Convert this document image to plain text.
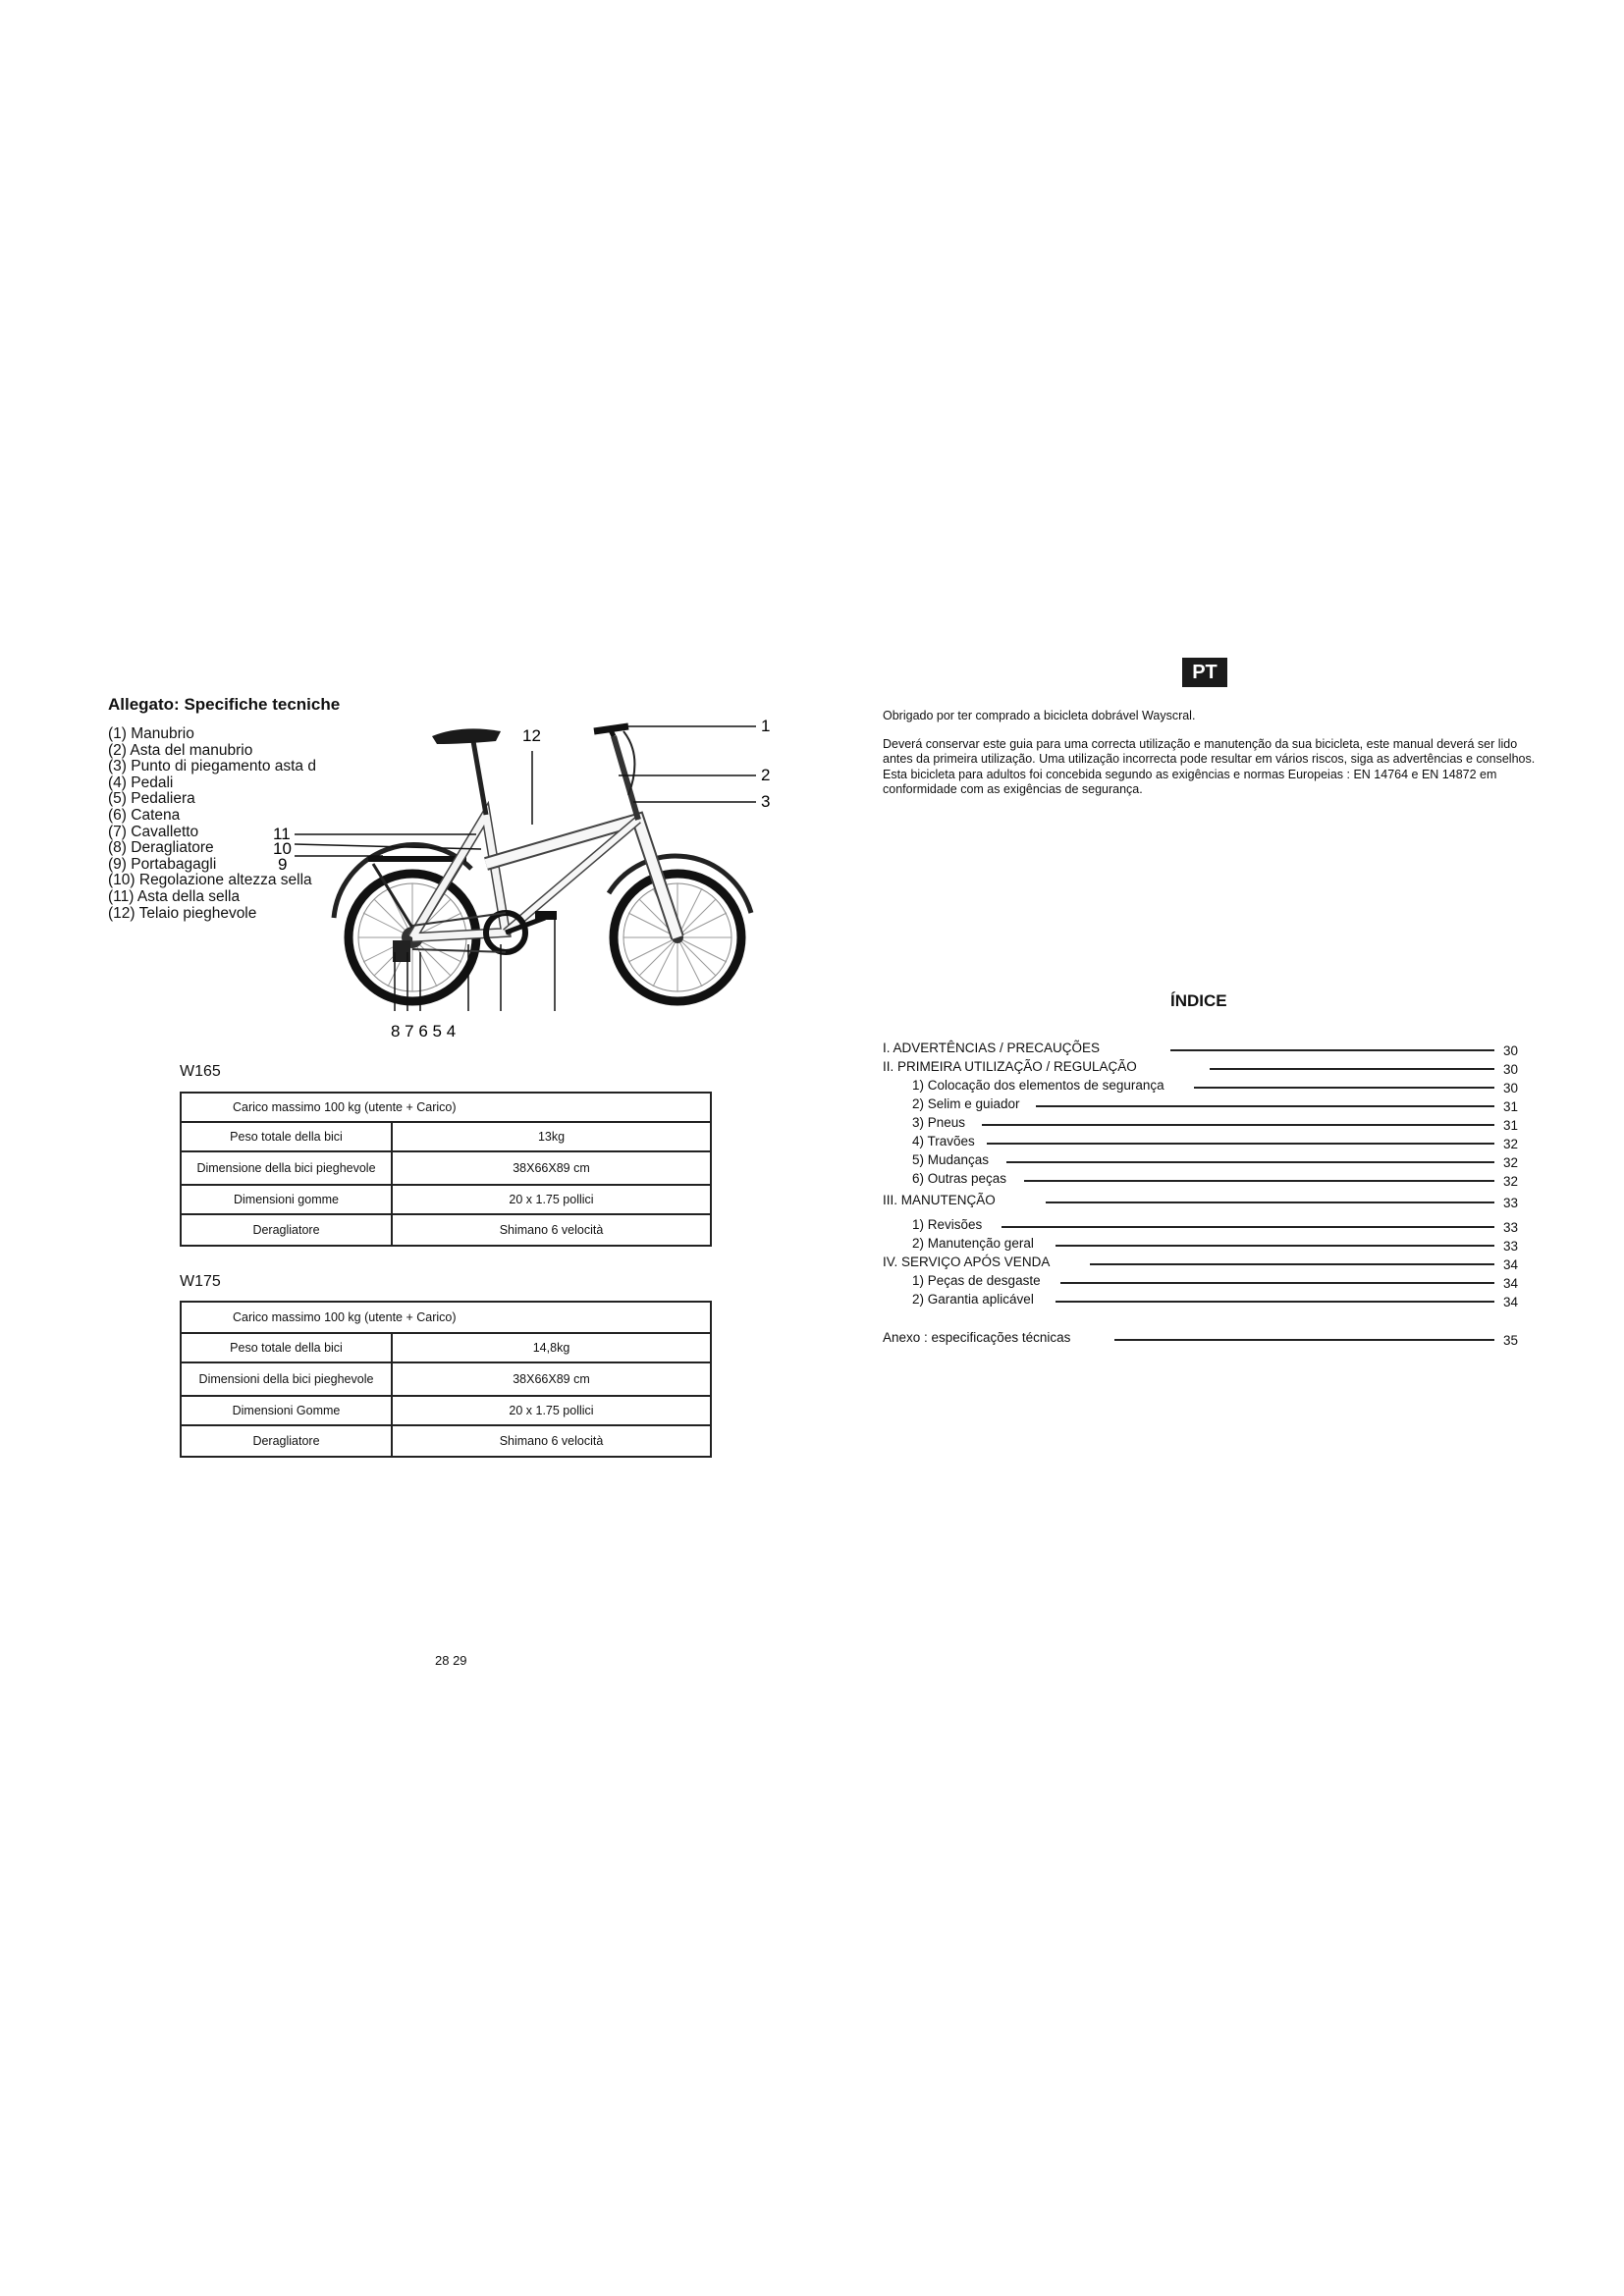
Allegato: Specifiche tecniche
(1) Manubrio
(2) Asta del manubrio
(3) Punto di piegamento asta d
(4) Pedali
(5) Pedaliera
(6) Catena
(7) Cavalletto
(8) Deragliatore
(9) Portabagagli
(10) Regolazione altezza sella
(11) Asta della sella
(12) Telaio pieghevole
1
2
3
12
11
10
9
8 7 6 5 4
W165
Carico massimo 100 kg (utente + Carico)	
Peso totale della bici	13kg
Dimensione della bici pieghevole	38X66X89 cm
Dimensioni gomme	20 x 1.75 pollici
Deragliatore	Shimano 6 velocità
W175
Carico massimo 100 kg (utente + Carico)	
Peso totale della bici	14,8kg
Dimensioni della bici pieghevole	38X66X89 cm
Dimensioni Gomme	20 x 1.75 pollici
Deragliatore	Shimano 6 velocità
28 29
PT

Obrigado por ter comprado a bicicleta dobrável Wayscral.

Deverá conservar este guia para uma correcta utilização e manutenção da sua bicicleta, este manual deverá ser lido antes da primeira utilização. Uma utilização incorrecta pode resultar em vários riscos, siga as advertências e conselhos. Esta bicicleta para adultos foi concebida segundo as exigências e normas Europeias : EN 14764 e EN 14872 em conformidade com as exigências de segurança.

ÍNDICE
I. ADVERTÊNCIAS / PRECAUÇÕES	30
II. PRIMEIRA UTILIZAÇÃO / REGULAÇÃO	30
1) Colocação dos elementos de segurança	30
2) Selim e guiador	31
3) Pneus	31
4) Travões	32
5) Mudanças	32
6) Outras peças	32
III. MANUTENÇÃO	33
1) Revisões	33
2) Manutenção geral	33
IV. SERVIÇO APÓS VENDA	34
1) Peças de desgaste	34
2) Garantia aplicável	34
Anexo : especificações técnicas	35
